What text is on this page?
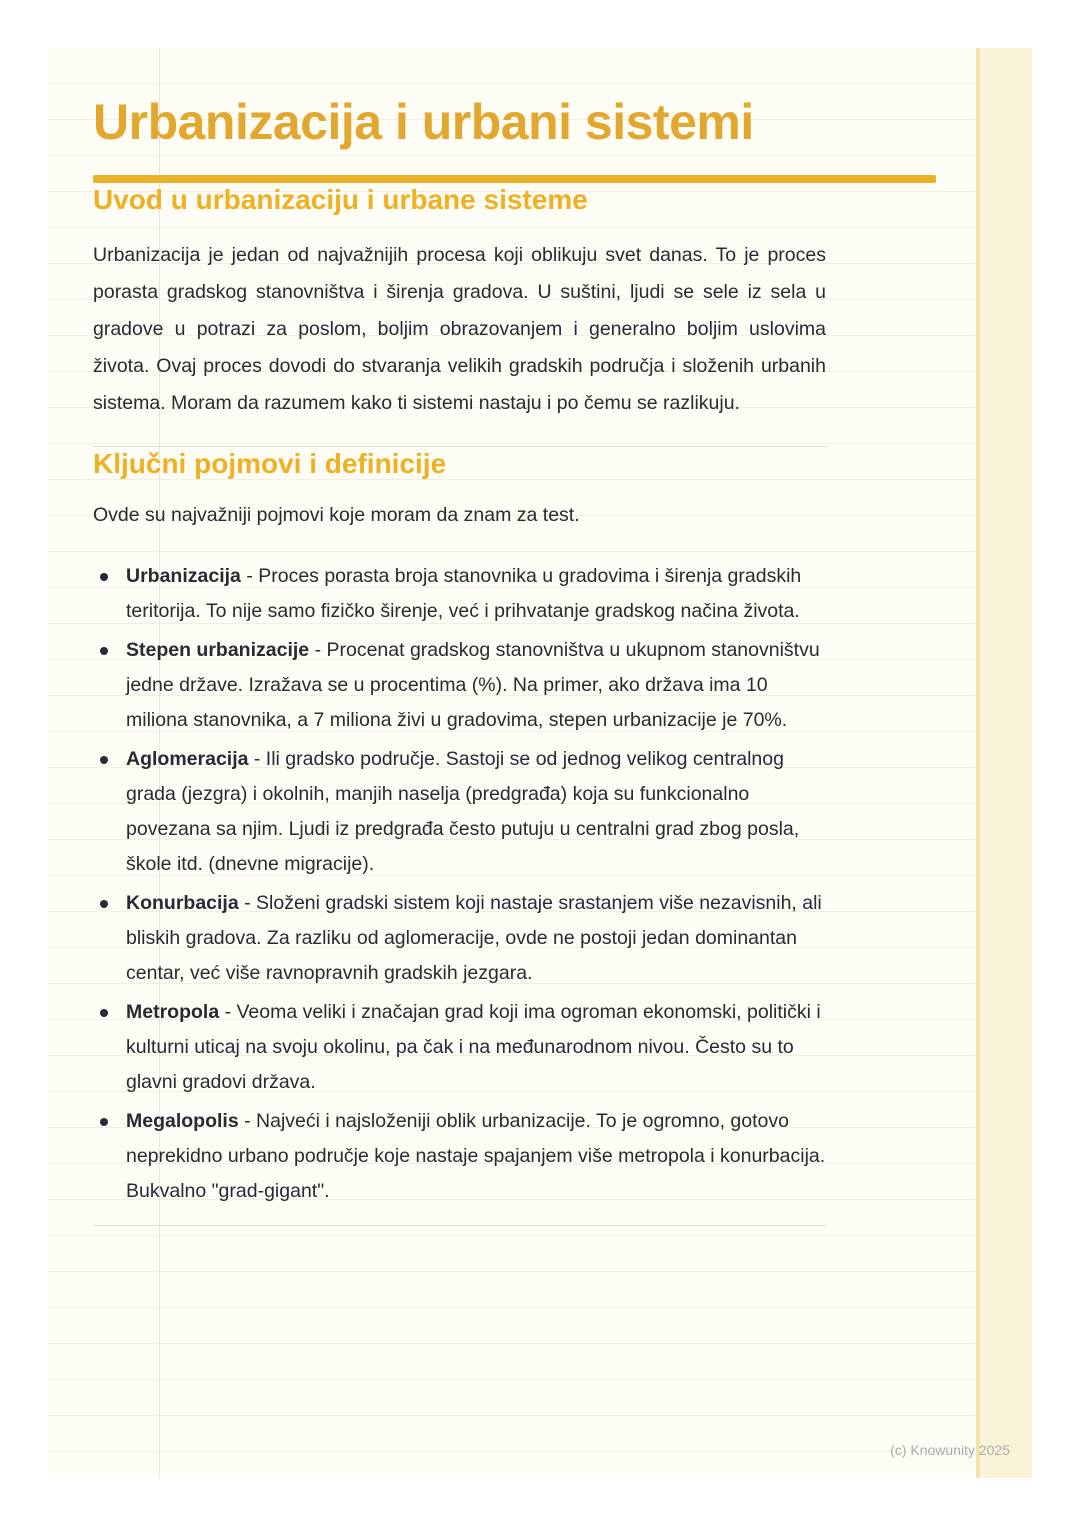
Urbanizacija i urbani sistemi
Uvod u urbanizaciju i urbane sisteme

Urbanizacija je jedan od najvažnijih procesa koji oblikuju svet danas. To je proces porasta gradskog stanovništva i širenja gradova. U suštini, ljudi se sele iz sela u gradove u potrazi za poslom, boljim obrazovanjem i generalno boljim uslovima života. Ovaj proces dovodi do stvaranja velikih gradskih područja i složenih urbanih sistema. Moram da razumem kako ti sistemi nastaju i po čemu se razlikuju.

Ključni pojmovi i definicije

Ovde su najvažniji pojmovi koje moram da znam za test.

Urbanizacija - Proces porasta broja stanovnika u gradovima i širenja gradskih teritorija. To nije samo fizičko širenje, već i prihvatanje gradskog načina života.
Stepen urbanizacije - Procenat gradskog stanovništva u ukupnom stanovništvu jedne države. Izražava se u procentima (%). Na primer, ako država ima 10 miliona stanovnika, a 7 miliona živi u gradovima, stepen urbanizacije je 70%.
Aglomeracija - Ili gradsko područje. Sastoji se od jednog velikog centralnog grada (jezgra) i okolnih, manjih naselja (predgrađa) koja su funkcionalno povezana sa njim. Ljudi iz predgrađa često putuju u centralni grad zbog posla, škole itd. (dnevne migracije).
Konurbacija - Složeni gradski sistem koji nastaje srastanjem više nezavisnih, ali bliskih gradova. Za razliku od aglomeracije, ovde ne postoji jedan dominantan centar, već više ravnopravnih gradskih jezgara.
Metropola - Veoma veliki i značajan grad koji ima ogroman ekonomski, politički i kulturni uticaj na svoju okolinu, pa čak i na međunarodnom nivou. Često su to glavni gradovi država.
Megalopolis - Najveći i najsloženiji oblik urbanizacije. To je ogromno, gotovo neprekidno urbano područje koje nastaje spajanjem više metropola i konurbacija. Bukvalno "grad-gigant".
(c) Knowunity 2025
